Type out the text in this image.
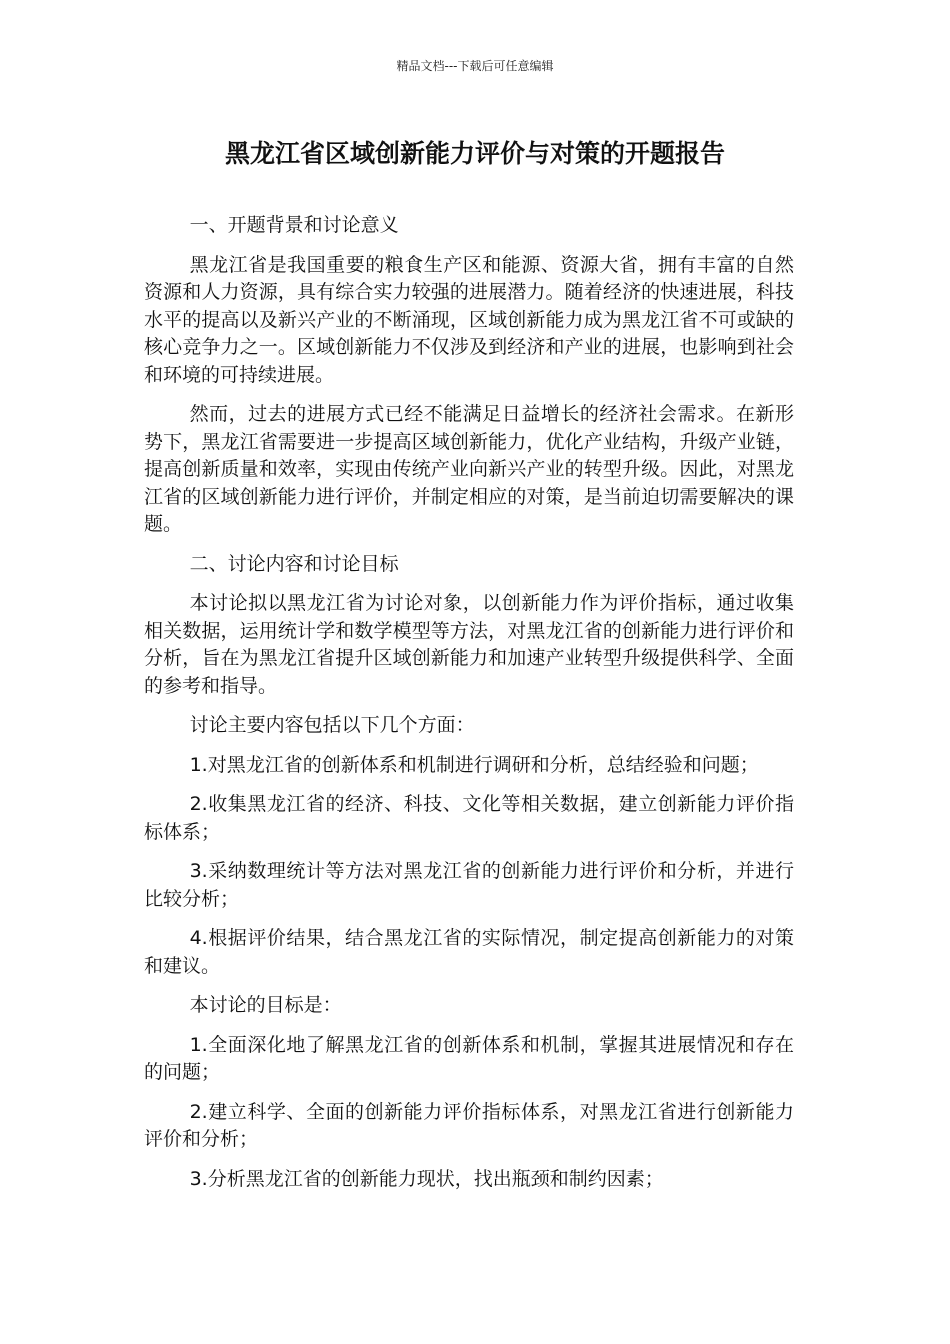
精品文档---下载后可任意编辑
黑龙江省区域创新能力评价与对策的开题报告

一、开题背景和讨论意义

黑龙江省是我国重要的粮食生产区和能源、资源大省，拥有丰富的自然资源和人力资源，具有综合实力较强的进展潜力。随着经济的快速进展，科技水平的提高以及新兴产业的不断涌现，区域创新能力成为黑龙江省不可或缺的核心竞争力之一。区域创新能力不仅涉及到经济和产业的进展，也影响到社会和环境的可持续进展。

然而，过去的进展方式已经不能满足日益增长的经济社会需求。在新形势下，黑龙江省需要进一步提高区域创新能力，优化产业结构，升级产业链，提高创新质量和效率，实现由传统产业向新兴产业的转型升级。因此，对黑龙江省的区域创新能力进行评价，并制定相应的对策，是当前迫切需要解决的课题。

二、讨论内容和讨论目标

本讨论拟以黑龙江省为讨论对象，以创新能力作为评价指标，通过收集相关数据，运用统计学和数学模型等方法，对黑龙江省的创新能力进行评价和分析，旨在为黑龙江省提升区域创新能力和加速产业转型升级提供科学、全面的参考和指导。

讨论主要内容包括以下几个方面：

1.对黑龙江省的创新体系和机制进行调研和分析，总结经验和问题；

2.收集黑龙江省的经济、科技、文化等相关数据，建立创新能力评价指标体系；

3.采纳数理统计等方法对黑龙江省的创新能力进行评价和分析，并进行比较分析；

4.根据评价结果，结合黑龙江省的实际情况，制定提高创新能力的对策和建议。

本讨论的目标是：

1.全面深化地了解黑龙江省的创新体系和机制，掌握其进展情况和存在的问题；

2.建立科学、全面的创新能力评价指标体系，对黑龙江省进行创新能力评价和分析；

3.分析黑龙江省的创新能力现状，找出瓶颈和制约因素；
